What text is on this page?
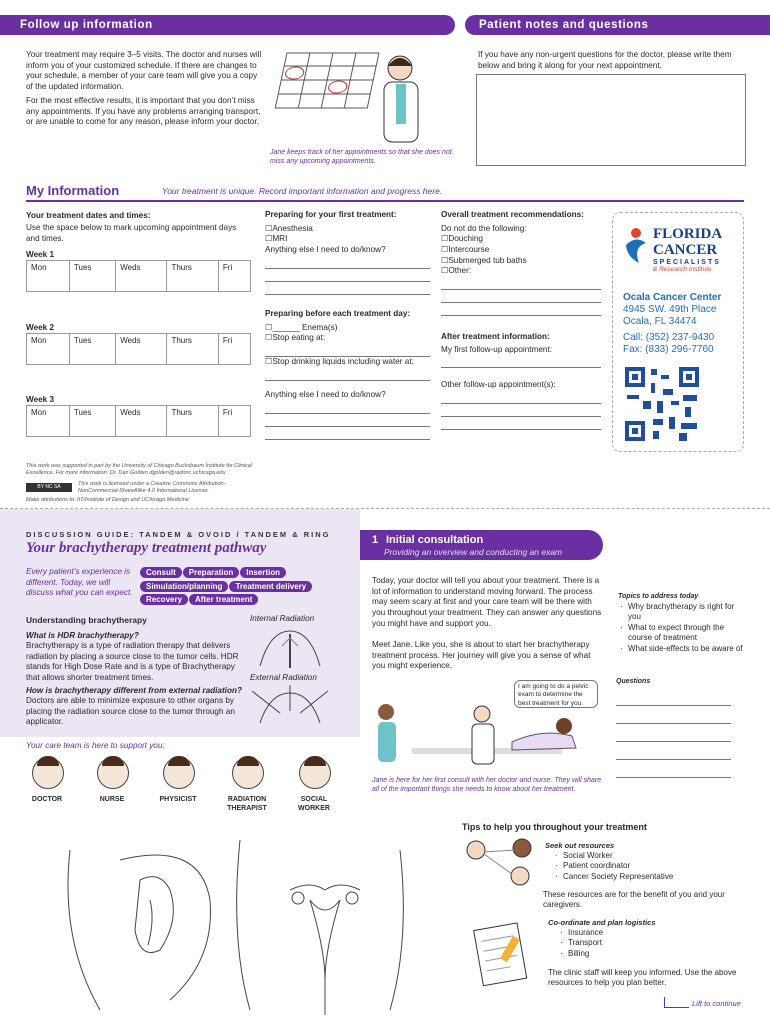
Follow up information
Your treatment may require 3–5 visits. The doctor and nurses will inform you of your customized schedule. If there are changes to your schedule, a member of your care team will give you a copy of the updated information.
For the most effective results, it is important that you don’t miss any appointments. If you have any problems arranging transport, or are unable to come for any reason, please inform your doctor.
Jane keeps track of her appointments so that she does not miss any upcoming appointments.
Patient notes and questions
If you have any non-urgent questions for the doctor, please write them below and bring it along for your next appointment.
My Information	Your treatment is unique. Record important information and progress here.
Your treatment dates and times:
Use the space below to mark upcoming appointment days and times.
Week 1
Mon	Tues	Weds	Thurs	Fri
Week 2
Mon	Tues	Weds	Thurs	Fri
Week 3
Mon	Tues	Weds	Thurs	Fri
Preparing for your first treatment:
☐ Anesthesia
☐ MRI
Anything else I need to do/know?
Preparing before each treatment day:
☐ ______ Enema(s)
☐ Stop eating at:
☐ Stop drinking liquids including water at:
Anything else I need to do/know?
Overall treatment recommendations:
Do not do the following:
☐ Douching
☐ Intercourse
☐ Submerged tub baths
☐ Other:
After treatment information:
My first follow-up appointment:
Other follow-up appointment(s):
FLORIDA
CANCER
SPECIALISTS
& Research Institute
Ocala Cancer Center
4945 SW. 49th Place
Ocala, FL 34474
Call: (352) 237-9430
Fax: (833) 296-7760
This work was supported in part by the University of Chicago Bucksbaum Institute for Clinical Excellence. For more information: Dr. Dan Golden dgolden@radonc.uchicago.edu
BY NC SA	This work is licensed under a Creative Commons Attribution-NonCommercial-ShareAlike 4.0 International License.
Make attributions to: IIT/Institute of Design and UChicago Medicine
DISCUSSION GUIDE: TANDEM & OVOID / TANDEM & RING
Your brachytherapy treatment pathway
Every patient’s experience is different. Today, we will discuss what you can expect.
Consult Preparation Insertion
Simulation/planning Treatment delivery
Recovery After treatment
Understanding brachytherapy
What is HDR brachytherapy?
Brachytherapy is a type of radiation therapy that delivers radiation by placing a source close to the tumor cells. HDR stands for High Dose Rate and is a type of Brachytherapy that allows shorter treatment times.
How is brachytherapy different from external radiation?
Doctors are able to minimize exposure to other organs by placing the radiation source close to the tumor through an applicator.
Internal Radiation
External Radiation
Your care team is here to support you:
DOCTOR	NURSE	PHYSICIST	RADIATION THERAPIST
SOCIAL WORKER
1 Initial consultation
Providing an overview and conducting an exam
Today, your doctor will tell you about your treatment. There is a lot of information to understand moving forward. The process may seem scary at first and your care team will be there with you throughout your treatment. They can answer any questions you might have and support you.
Meet Jane. Like you, she is about to start her brachytherapy treatment process. Her journey will give you a sense of what you might experience.
I am going to do a pelvic exam to determine the best treatment for you.
Jane is here for her first consult with her doctor and nurse. They will share all of the important things she needs to know about her treatment.
Topics to address today
· Why brachytherapy is right for you
· What to expect through the course of treatment
· What side-effects to be aware of
Questions
Tips to help you throughout your treatment
Seek out resources
· Social Worker
· Patient coordinator
· Cancer Society Representative
These resources are for the benefit of you and your caregivers.
Co-ordinate and plan logistics
· Insurance
· Transport
· Billing
The clinic staff will keep you informed. Use the above resources to help you plan better.
Lift to continue
